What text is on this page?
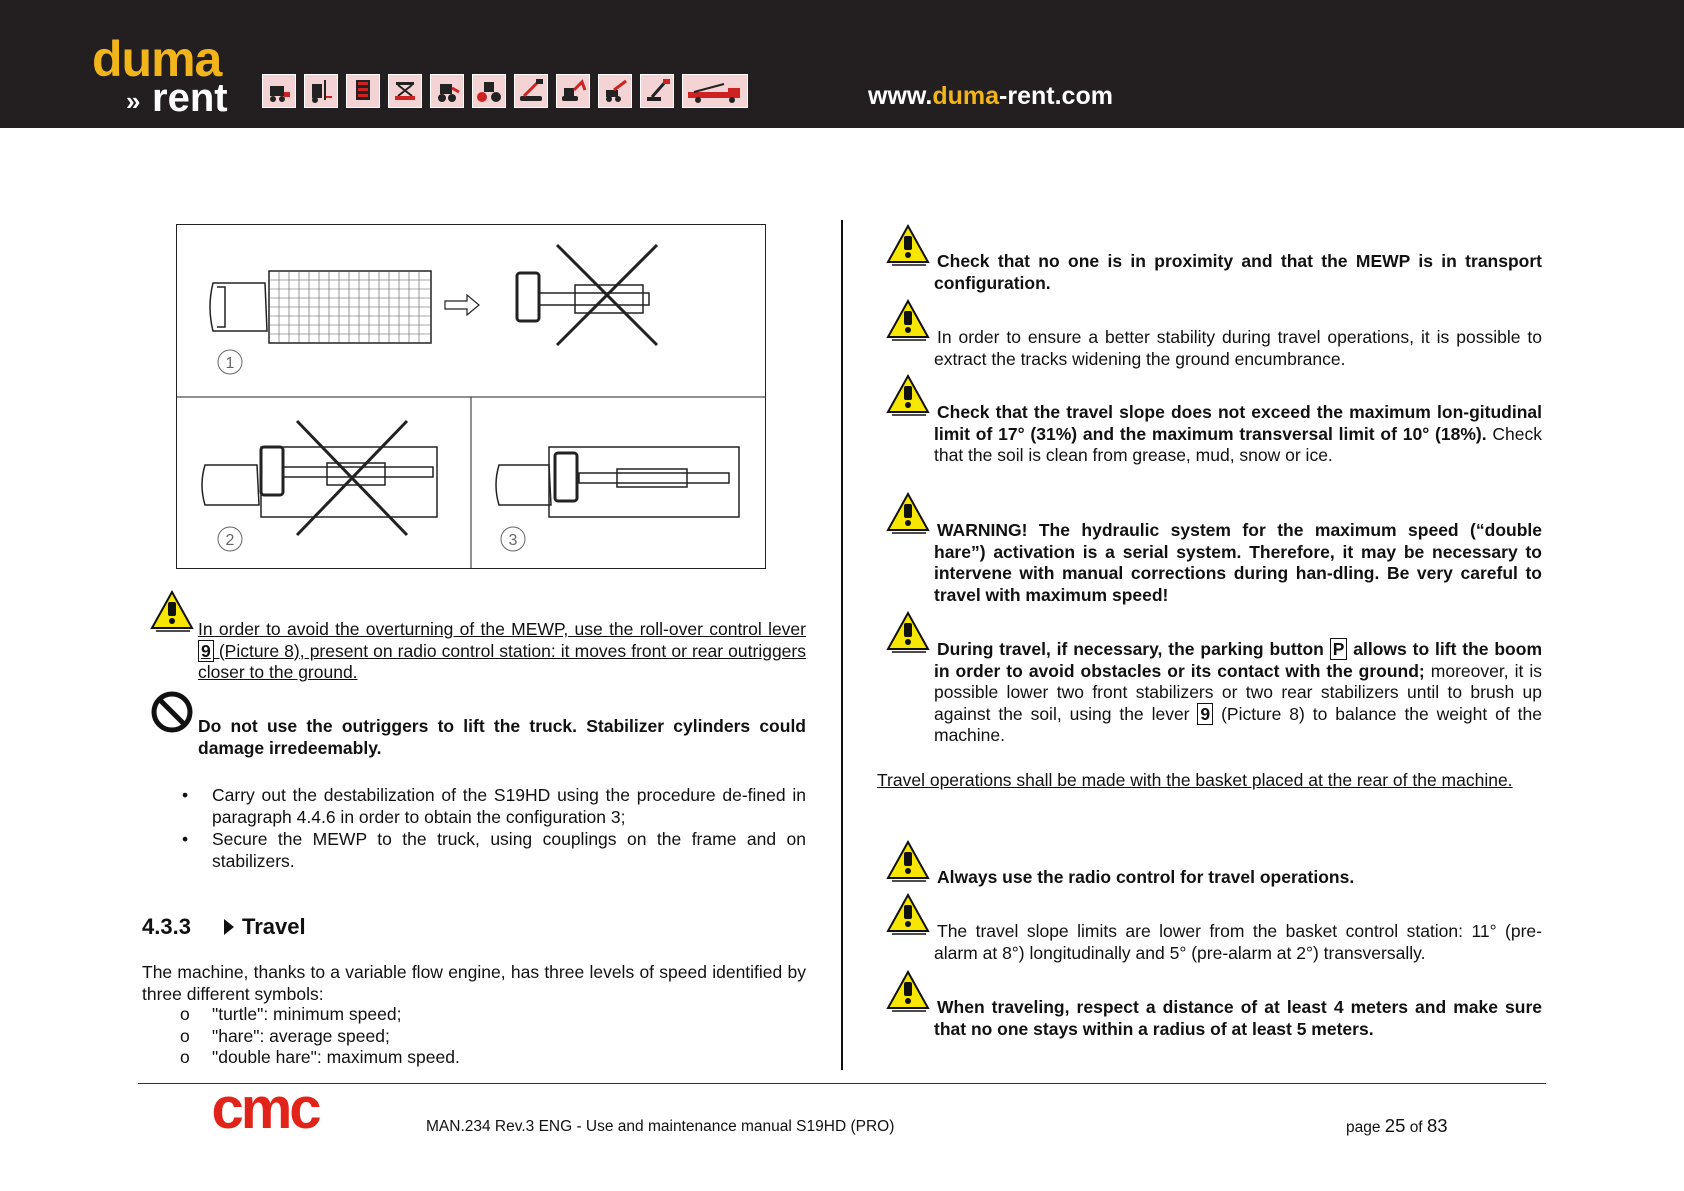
duma
» rent	www.duma-rent.com
1
2	3
In order to avoid the overturning of the MEWP, use the roll-over control lever 9 (Picture 8), present on radio control station: it moves front or rear outriggers closer to the ground.
Do not use the outriggers to lift the truck. Stabilizer cylinders could damage irredeemably.
• Carry out the destabilization of the S19HD using the procedure de-fined in paragraph 4.4.6 in order to obtain the configuration 3;
• Secure the MEWP to the truck, using couplings on the frame and on stabilizers.
4.3.3 Travel
The machine, thanks to a variable flow engine, has three levels of speed identified by three different symbols:
o "turtle": minimum speed;
o "hare": average speed;
o "double hare": maximum speed.
Check that no one is in proximity and that the MEWP is in transport configuration.
In order to ensure a better stability during travel operations, it is possible to extract the tracks widening the ground encumbrance.
Check that the travel slope does not exceed the maximum lon-gitudinal limit of 17° (31%) and the maximum transversal limit of 10° (18%). Check that the soil is clean from grease, mud, snow or ice.
WARNING! The hydraulic system for the maximum speed (“double hare”) activation is a serial system. Therefore, it may be necessary to intervene with manual corrections during han-dling. Be very careful to travel with maximum speed!
During travel, if necessary, the parking button P allows to lift the boom in order to avoid obstacles or its contact with the ground; moreover, it is possible lower two front stabilizers or two rear stabilizers until to brush up against the soil, using the lever 9 (Picture 8) to balance the weight of the machine.
Travel operations shall be made with the basket placed at the rear of the machine.
Always use the radio control for travel operations.
The travel slope limits are lower from the basket control station: 11° (pre-alarm at 8°) longitudinally and 5° (pre-alarm at 2°) transversally.
When traveling, respect a distance of at least 4 meters and make sure that no one stays within a radius of at least 5 meters.
cmc	MAN.234 Rev.3 ENG - Use and maintenance manual S19HD (PRO)	page 25 of 83
